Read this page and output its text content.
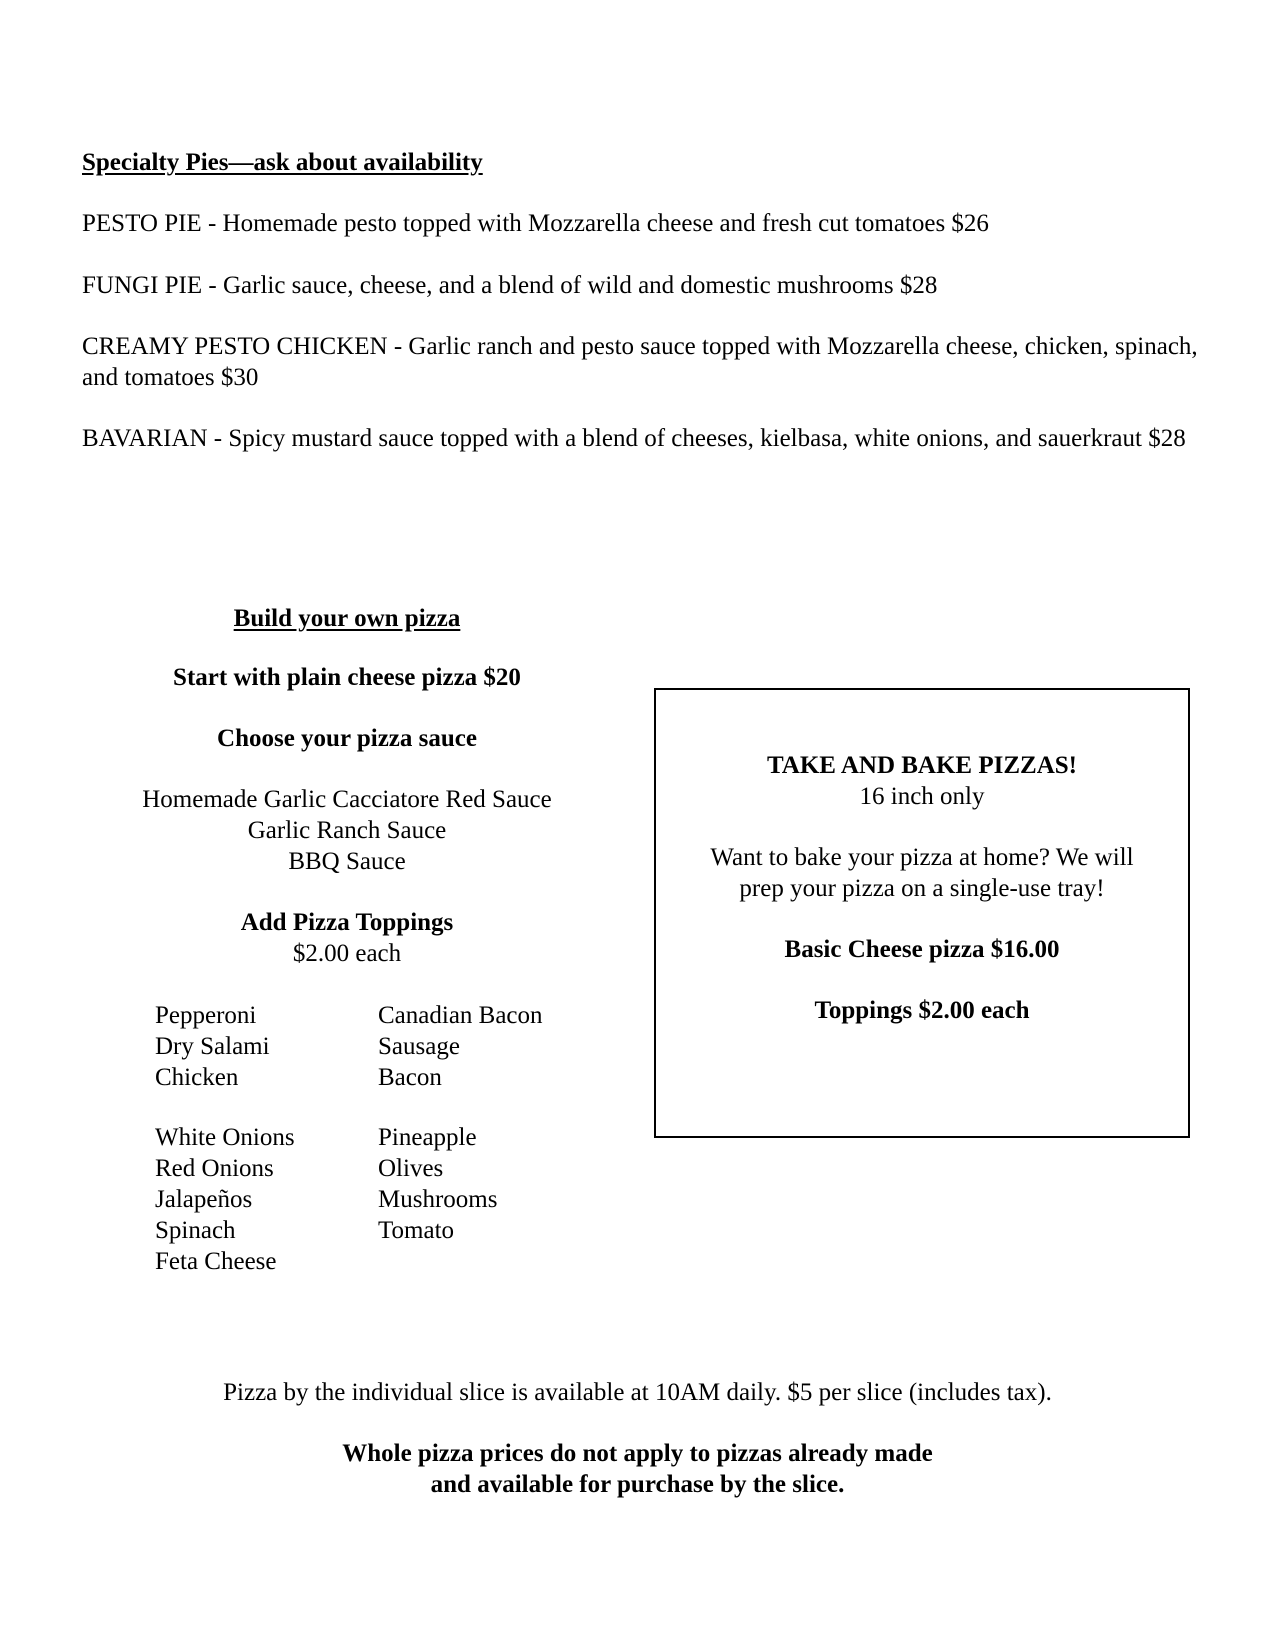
Specialty Pies—ask about availability
PESTO PIE - Homemade pesto topped with Mozzarella cheese and fresh cut tomatoes $26
FUNGI PIE - Garlic sauce, cheese, and a blend of wild and domestic mushrooms $28
CREAMY PESTO CHICKEN - Garlic ranch and pesto sauce topped with Mozzarella cheese, chicken, spinach, and tomatoes $30
BAVARIAN - Spicy mustard sauce topped with a blend of cheeses, kielbasa, white onions, and sauerkraut $28
Build your own pizza
Start with plain cheese pizza $20
Choose your pizza sauce
Homemade Garlic Cacciatore Red Sauce
Garlic Ranch Sauce
BBQ Sauce
Add Pizza Toppings
$2.00 each
Pepperoni
Dry Salami
Chicken
Canadian Bacon
Sausage
Bacon
White Onions
Red Onions
Jalapeños
Spinach
Feta Cheese
Pineapple
Olives
Mushrooms
Tomato
TAKE AND BAKE PIZZAS!
16 inch only
Want to bake your pizza at home? We will
prep your pizza on a single-use tray!
Basic Cheese pizza $16.00
Toppings $2.00 each
Pizza by the individual slice is available at 10AM daily. $5 per slice (includes tax).
Whole pizza prices do not apply to pizzas already made
and available for purchase by the slice.
